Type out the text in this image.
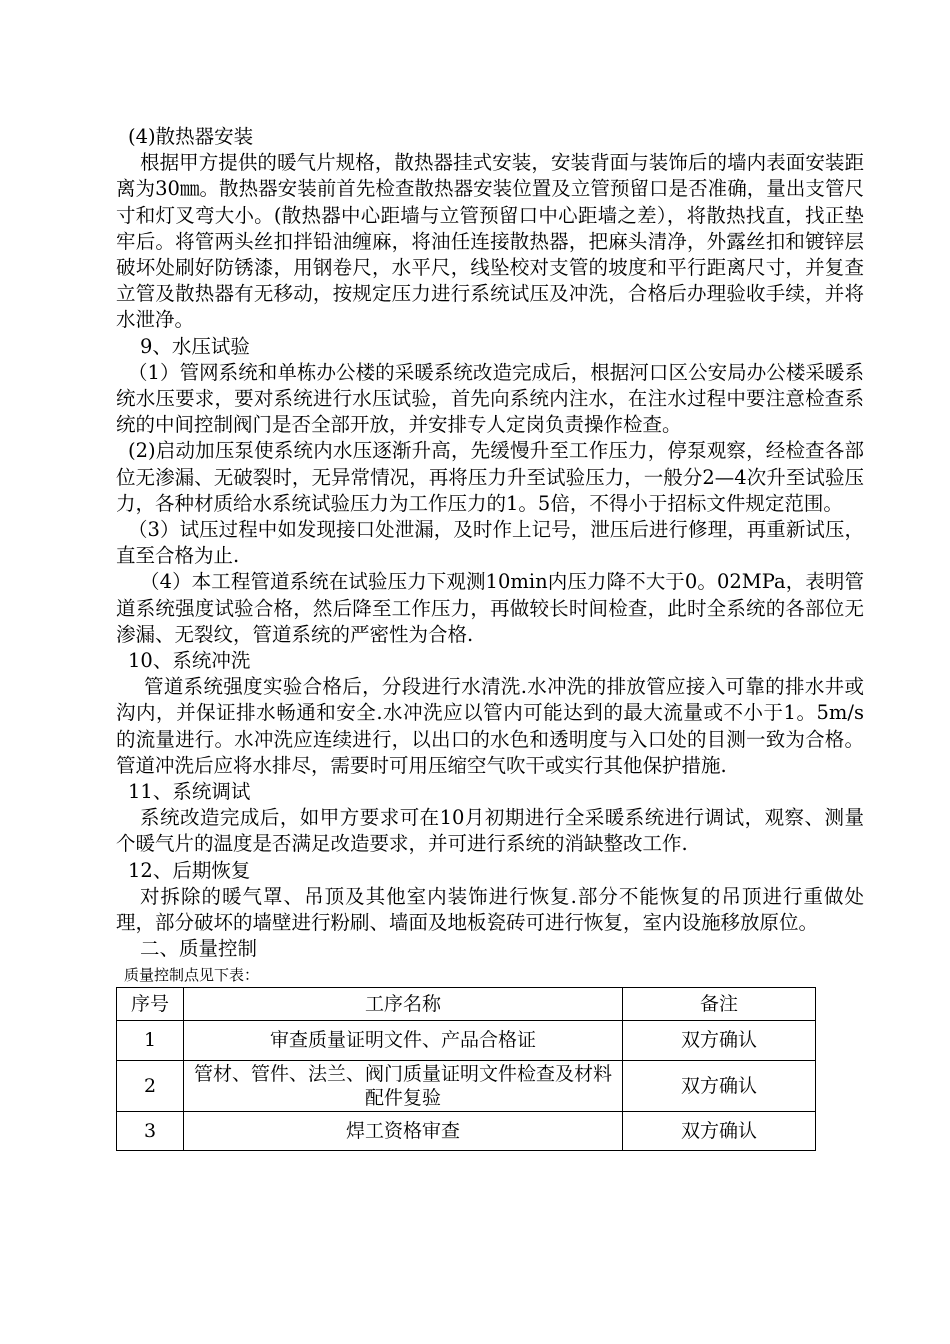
(4)散热器安装

根据甲方提供的暖气片规格，散热器挂式安装，安装背面与装饰后的墙内表面安装距离为30㎜。散热器安装前首先检查散热器安装位置及立管预留口是否准确，量出支管尺寸和灯叉弯大小。(散热器中心距墙与立管预留口中心距墙之差），将散热找直，找正垫牢后。将管两头丝扣拌铅油缠麻，将油任连接散热器，把麻头清净，外露丝扣和镀锌层破坏处刷好防锈漆，用钢卷尺，水平尺，线坠校对支管的坡度和平行距离尺寸，并复查立管及散热器有无移动，按规定压力进行系统试压及冲洗，合格后办理验收手续，并将水泄净。

9、水压试验

（1）管网系统和单栋办公楼的采暖系统改造完成后，根据河口区公安局办公楼采暖系统水压要求，要对系统进行水压试验，首先向系统内注水，在注水过程中要注意检查系统的中间控制阀门是否全部开放，并安排专人定岗负责操作检查。

(2)启动加压泵使系统内水压逐渐升高，先缓慢升至工作压力，停泵观察，经检查各部位无渗漏、无破裂时，无异常情况，再将压力升至试验压力，一般分2—4次升至试验压力，各种材质给水系统试验压力为工作压力的1。5倍，不得小于招标文件规定范围。

（3）试压过程中如发现接口处泄漏，及时作上记号，泄压后进行修理，再重新试压，直至合格为止.

（4）本工程管道系统在试验压力下观测10min内压力降不大于0。02MPa，表明管道系统强度试验合格，然后降至工作压力，再做较长时间检查，此时全系统的各部位无渗漏、无裂纹，管道系统的严密性为合格.

10、系统冲洗

管道系统强度实验合格后，分段进行水清洗.水冲洗的排放管应接入可靠的排水井或沟内，并保证排水畅通和安全.水冲洗应以管内可能达到的最大流量或不小于1。5m/s的流量进行。水冲洗应连续进行，以出口的水色和透明度与入口处的目测一致为合格。管道冲洗后应将水排尽，需要时可用压缩空气吹干或实行其他保护措施.

11、系统调试

系统改造完成后，如甲方要求可在10月初期进行全采暖系统进行调试，观察、测量个暖气片的温度是否满足改造要求，并可进行系统的消缺整改工作.

12、后期恢复

对拆除的暖气罩、吊顶及其他室内装饰进行恢复.部分不能恢复的吊顶进行重做处理，部分破坏的墙壁进行粉刷、墙面及地板瓷砖可进行恢复，室内设施移放原位。

二、质量控制

质量控制点见下表：
序号	工序名称	备注
1	审查质量证明文件、产品合格证	双方确认
2	管材、管件、法兰、阀门质量证明文件检查及材料配件复验	双方确认
3	焊工资格审查	双方确认
